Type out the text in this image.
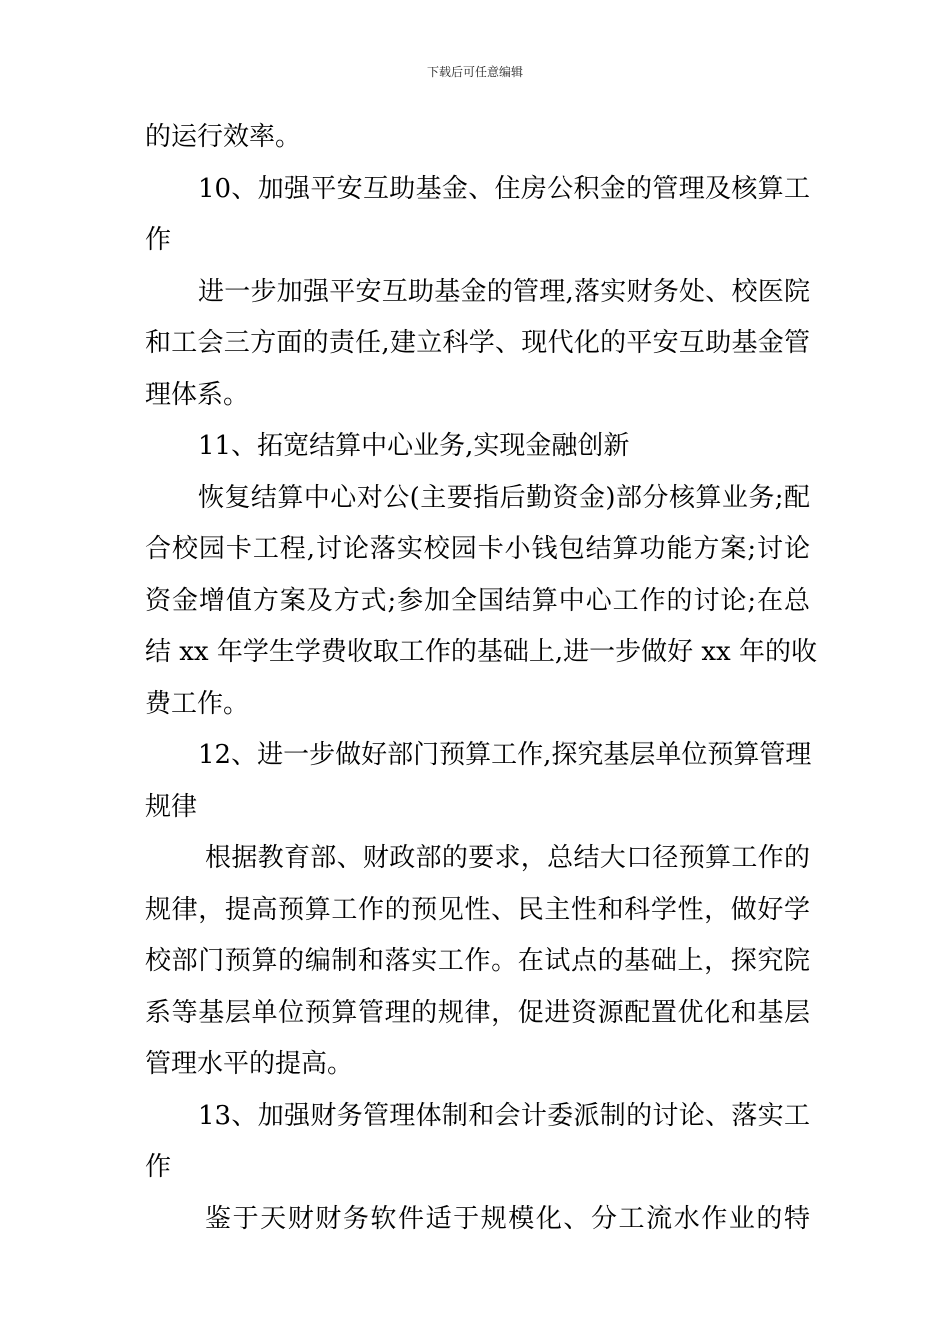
下载后可任意编辑
的运行效率。
10、加强平安互助基金、住房公积金的管理及核算工
作
进一步加强平安互助基金的管理,落实财务处、校医院
和工会三方面的责任,建立科学、现代化的平安互助基金管
理体系。
11、拓宽结算中心业务,实现金融创新
恢复结算中心对公(主要指后勤资金)部分核算业务;配
合校园卡工程,讨论落实校园卡小钱包结算功能方案;讨论
资金增值方案及方式;参加全国结算中心工作的讨论;在总
结 xx 年学生学费收取工作的基础上,进一步做好 xx 年的收
费工作。
12、进一步做好部门预算工作,探究基层单位预算管理
规律
根据教育部、财政部的要求，总结大口径预算工作的
规律，提高预算工作的预见性、民主性和科学性，做好学
校部门预算的编制和落实工作。在试点的基础上，探究院
系等基层单位预算管理的规律，促进资源配置优化和基层
管理水平的提高。
13、加强财务管理体制和会计委派制的讨论、落实工
作
鉴于天财财务软件适于规模化、分工流水作业的特
